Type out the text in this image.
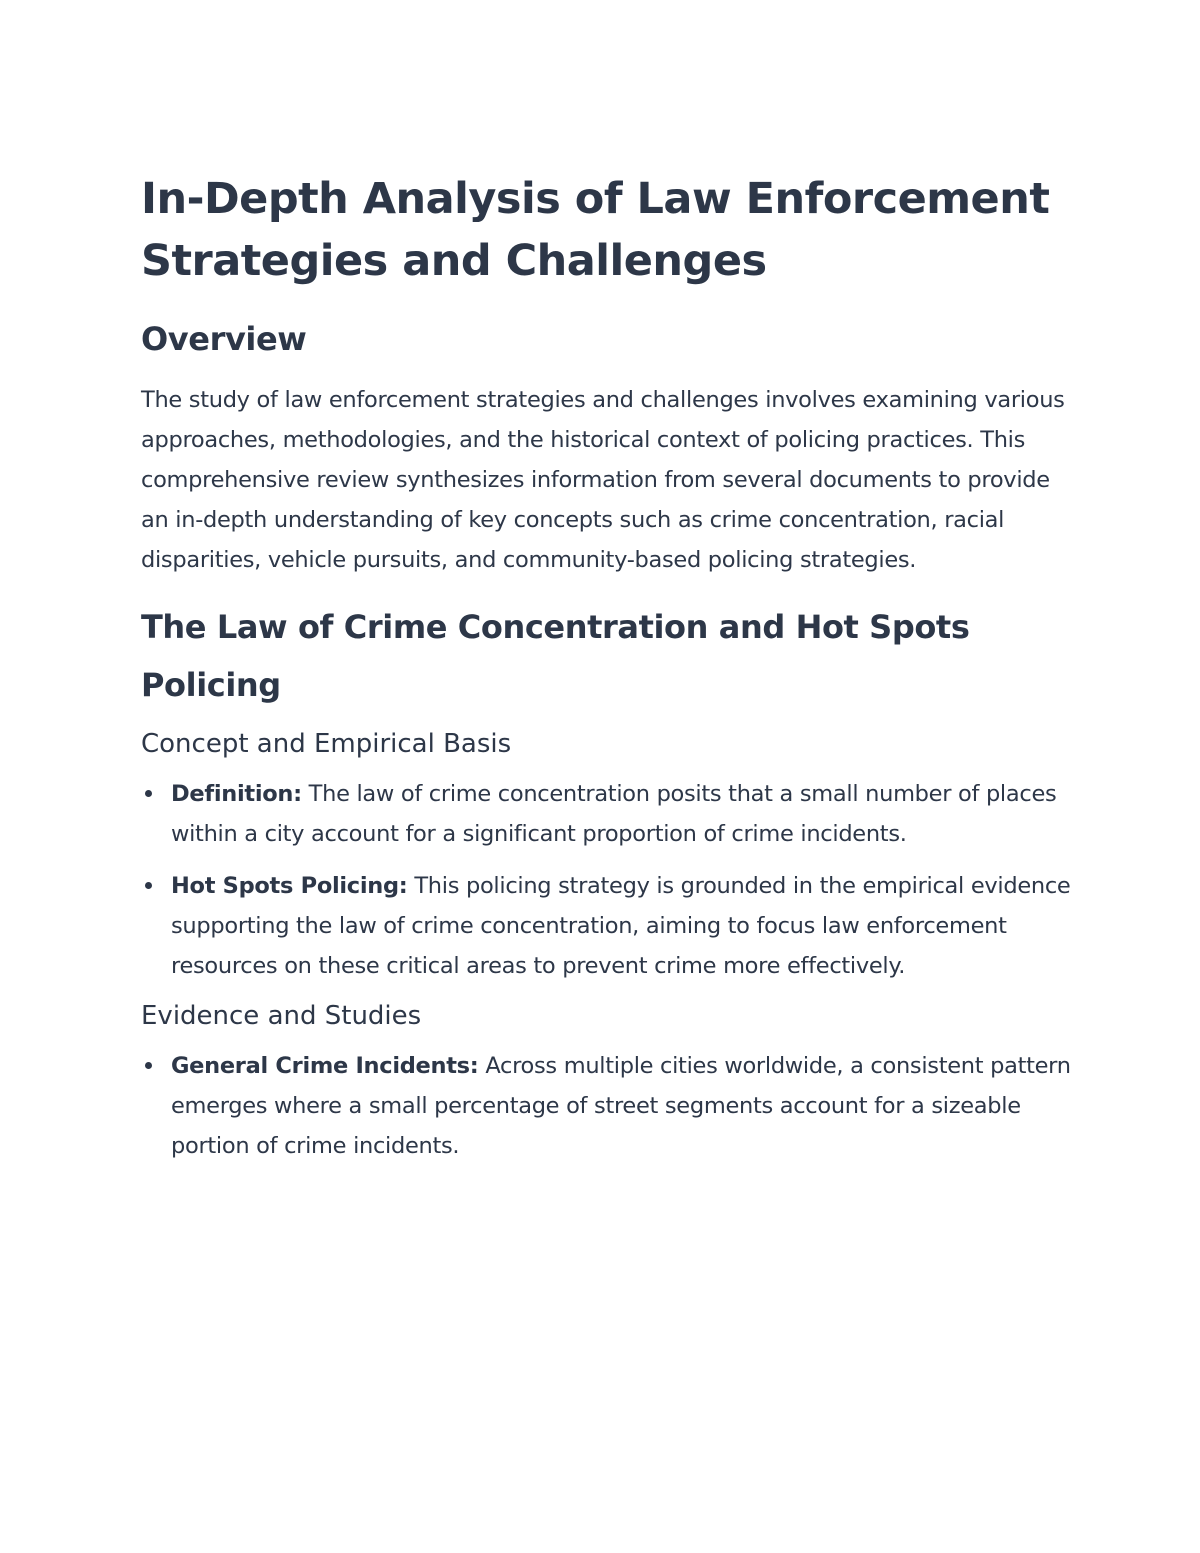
In-Depth Analysis of Law Enforcement Strategies and Challenges
Overview

The study of law enforcement strategies and challenges involves examining various approaches, methodologies, and the historical context of policing practices. This comprehensive review synthesizes information from several documents to provide an in-depth understanding of key concepts such as crime concentration, racial disparities, vehicle pursuits, and community-based policing strategies.

The Law of Crime Concentration and Hot Spots Policing
Concept and Empirical Basis
Definition: The law of crime concentration posits that a small number of places within a city account for a significant proportion of crime incidents.
Hot Spots Policing: This policing strategy is grounded in the empirical evidence supporting the law of crime concentration, aiming to focus law enforcement resources on these critical areas to prevent crime more effectively.
Evidence and Studies
General Crime Incidents: Across multiple cities worldwide, a consistent pattern emerges where a small percentage of street segments account for a sizeable portion of crime incidents.
